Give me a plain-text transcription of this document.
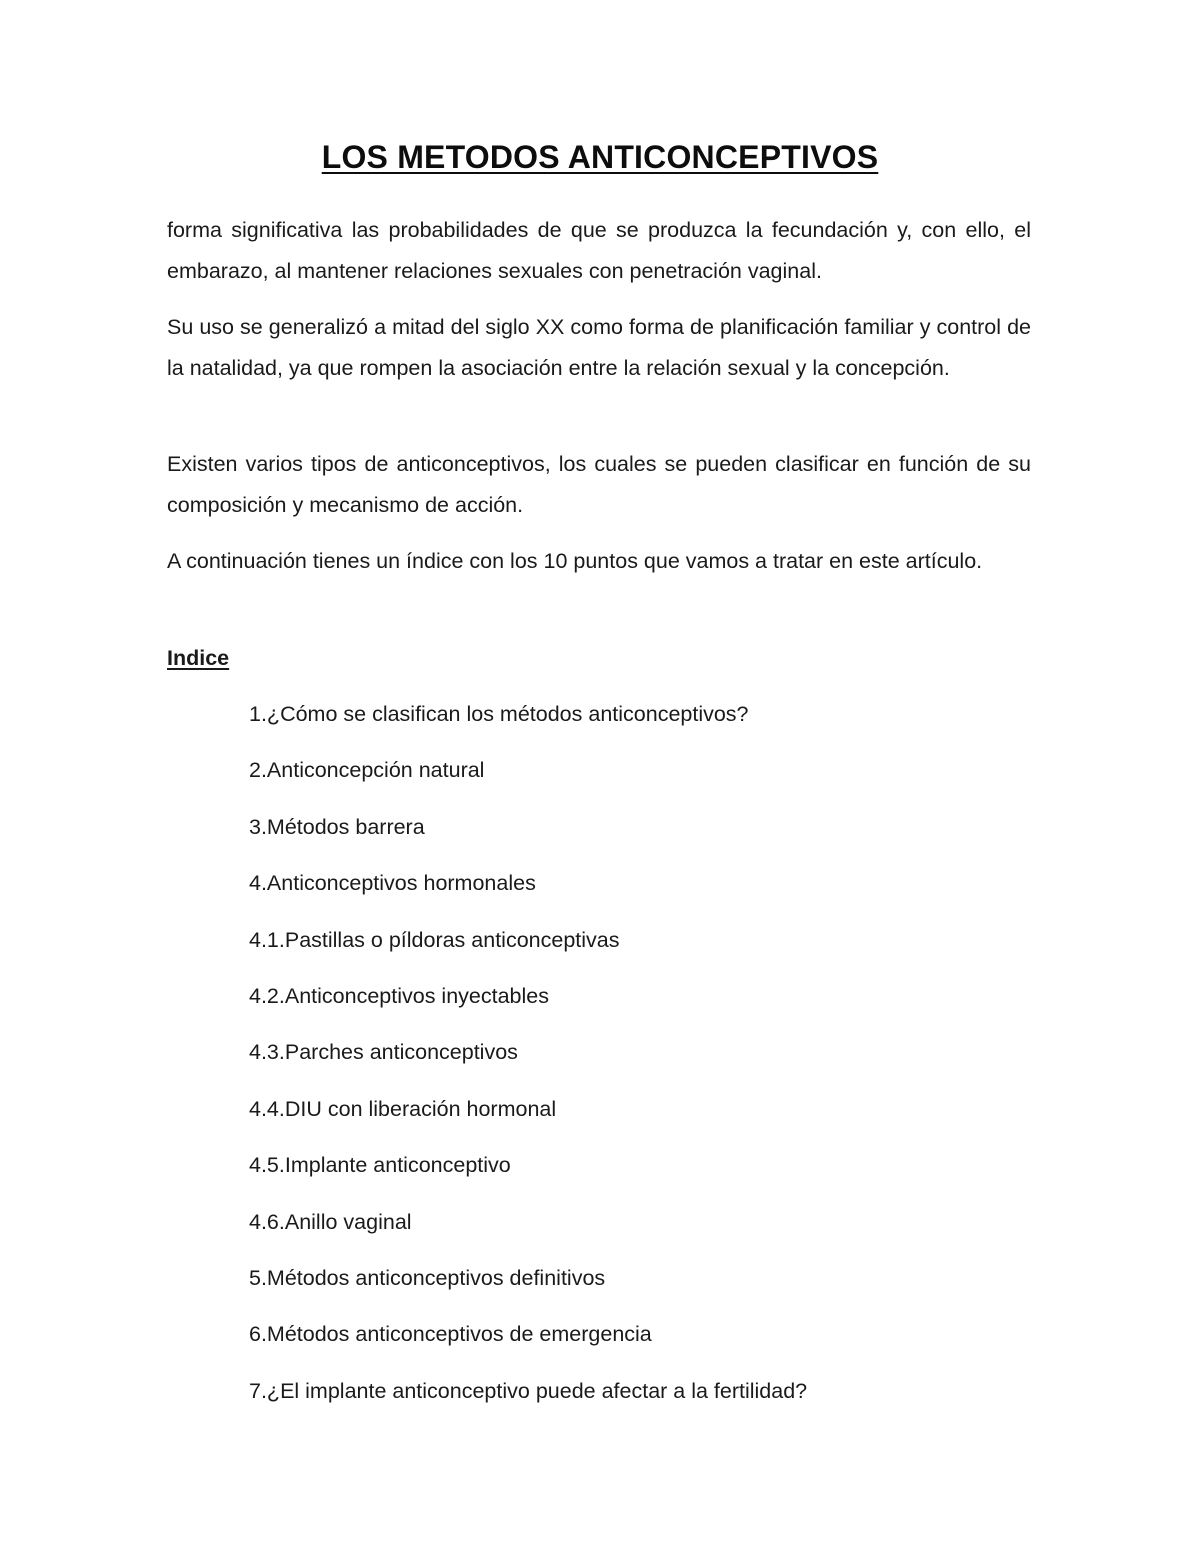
LOS METODOS ANTICONCEPTIVOS

forma significativa las probabilidades de que se produzca la fecundación y, con ello, el embarazo, al mantener relaciones sexuales con penetración vaginal.

Su uso se generalizó a mitad del siglo XX como forma de planificación familiar y control de la natalidad, ya que rompen la asociación entre la relación sexual y la concepción.

Existen varios tipos de anticonceptivos, los cuales se pueden clasificar en función de su composición y mecanismo de acción.

A continuación tienes un índice con los 10 puntos que vamos a tratar en este artículo.

Indice
1.¿Cómo se clasifican los métodos anticonceptivos?
2.Anticoncepción natural
3.Métodos barrera
4.Anticonceptivos hormonales
4.1.Pastillas o píldoras anticonceptivas
4.2.Anticonceptivos inyectables
4.3.Parches anticonceptivos
4.4.DIU con liberación hormonal
4.5.Implante anticonceptivo
4.6.Anillo vaginal
5.Métodos anticonceptivos definitivos
6.Métodos anticonceptivos de emergencia
7.¿El implante anticonceptivo puede afectar a la fertilidad?
